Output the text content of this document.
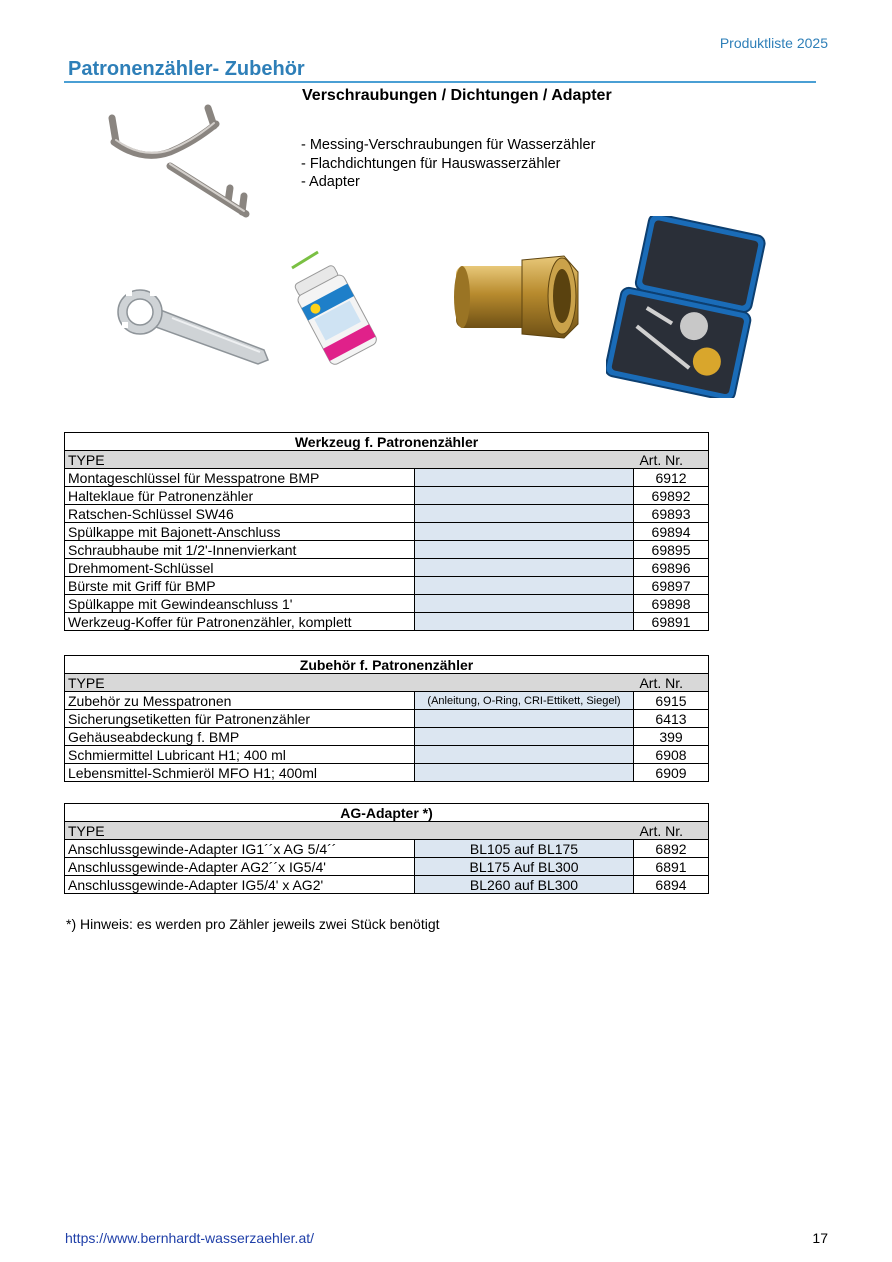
Produktliste 2025
Patronenzähler- Zubehör
Verschraubungen / Dichtungen / Adapter
- Messing-Verschraubungen für Wasserzähler
- Flachdichtungen für Hauswasserzähler
- Adapter
Werkzeug f. Patronenzähler		
TYPE		Art. Nr.
Montageschlüssel für Messpatrone BMP		6912
Halteklaue für Patronenzähler		69892
Ratschen-Schlüssel SW46		69893
Spülkappe mit Bajonett-Anschluss		69894
Schraubhaube mit 1/2'-Innenvierkant		69895
Drehmoment-Schlüssel		69896
Bürste mit Griff für BMP		69897
Spülkappe mit Gewindeanschluss 1'		69898
Werkzeug-Koffer für Patronenzähler, komplett		69891
Zubehör f. Patronenzähler		
TYPE		Art. Nr.
Zubehör zu Messpatronen	(Anleitung, O-Ring, CRI-Ettikett, Siegel)	6915
Sicherungsetiketten für Patronenzähler		6413
Gehäuseabdeckung f. BMP		399
Schmiermittel Lubricant H1; 400 ml		6908
Lebensmittel-Schmieröl MFO H1; 400ml		6909
AG-Adapter *)		
TYPE		Art. Nr.
Anschlussgewinde-Adapter IG1´´x AG 5/4´´	BL105 auf BL175	6892
Anschlussgewinde-Adapter AG2´´x IG5/4'	BL175 Auf BL300	6891
Anschlussgewinde-Adapter IG5/4' x AG2'	BL260 auf BL300	6894
*) Hinweis: es werden pro Zähler jeweils zwei Stück benötigt
https://www.bernhardt-wasserzaehler.at/	17
